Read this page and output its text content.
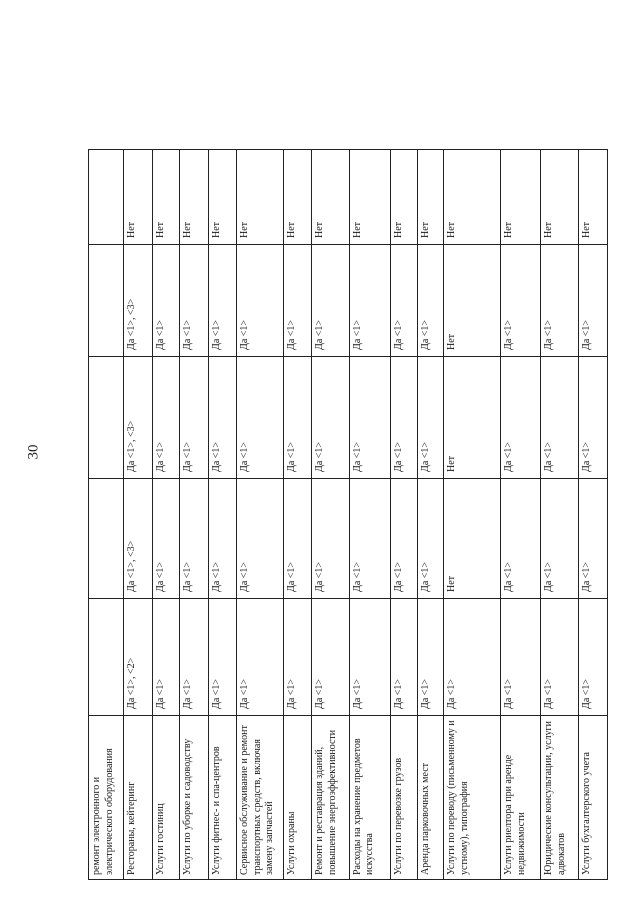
30
ремонт электронного и электрического оборудования					
Рестораны, кейтеринг	Да <1>, <2>	Да <1>, <3>	Да <1>, <3>	Да <1>, <3>	Нет
Услуги гостиниц	Да <1>	Да <1>	Да <1>	Да <1>	Нет
Услуги по уборке и садоводству	Да <1>	Да <1>	Да <1>	Да <1>	Нет
Услуги фитнес- и спа-центров	Да <1>	Да <1>	Да <1>	Да <1>	Нет
Сервисное обслуживание и ремонт транспортных средств, включая замену запчастей	Да <1>	Да <1>	Да <1>	Да <1>	Нет
Услуги охраны	Да <1>	Да <1>	Да <1>	Да <1>	Нет
Ремонт и реставрация зданий, повышение энергоэффективности	Да <1>	Да <1>	Да <1>	Да <1>	Нет
Расходы на хранение предметов искусства	Да <1>	Да <1>	Да <1>	Да <1>	Нет
Услуги по перевозке грузов	Да <1>	Да <1>	Да <1>	Да <1>	Нет
Аренда парковочных мест	Да <1>	Да <1>	Да <1>	Да <1>	Нет
Услуги по переводу (письменному и устному), типография	Да <1>	Нет	Нет	Нет	Нет
Услуги риелтора при аренде недвижимости	Да <1>	Да <1>	Да <1>	Да <1>	Нет
Юридические консультации, услуги адвокатов	Да <1>	Да <1>	Да <1>	Да <1>	Нет
Услуги бухгалтерского учета	Да <1>	Да <1>	Да <1>	Да <1>	Нет
